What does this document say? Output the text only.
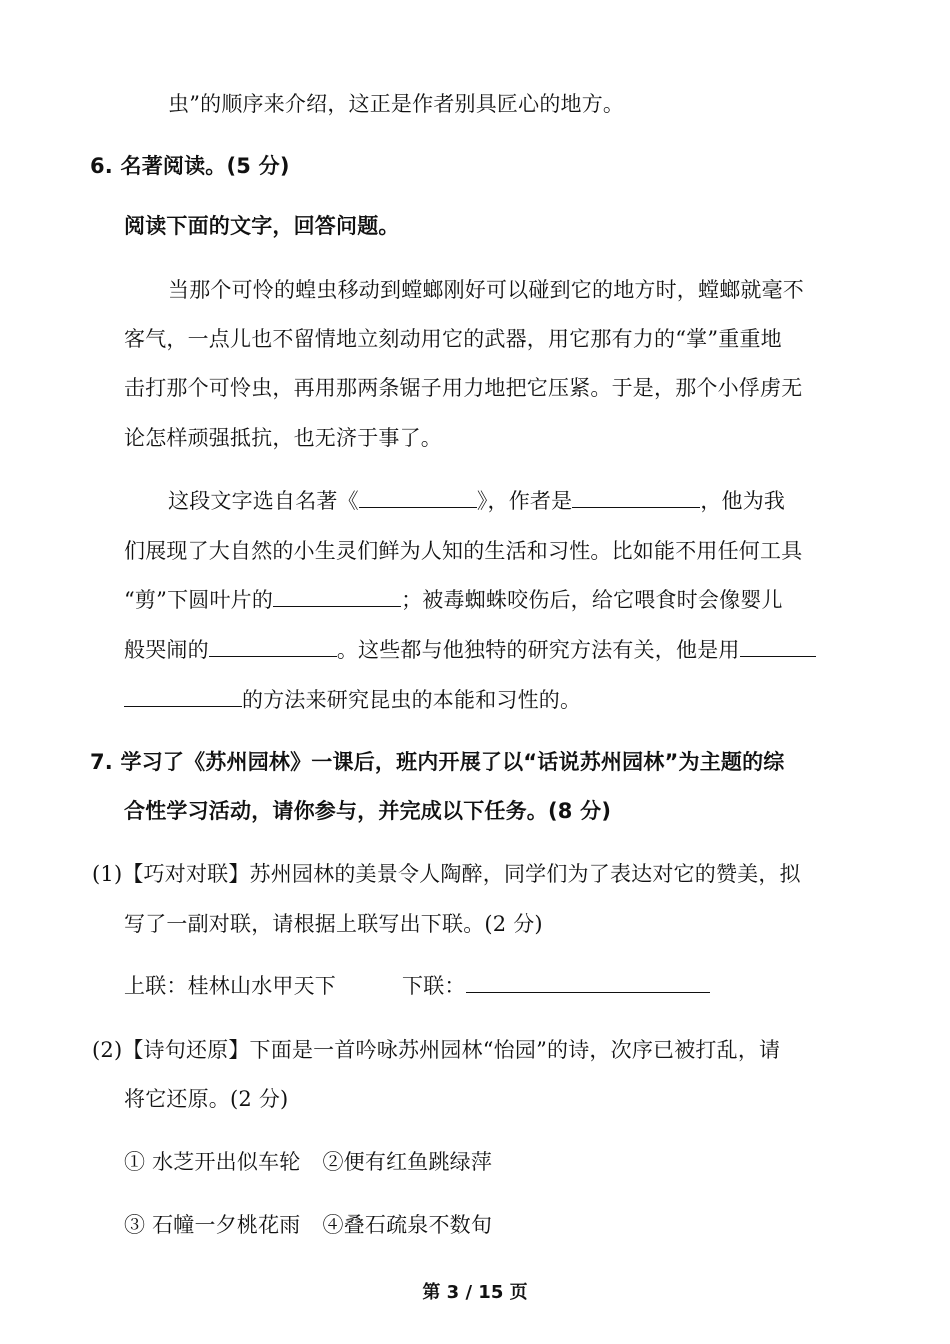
虫”的顺序来介绍，这正是作者别具匠心的地方。
6. 名著阅读。(5 分)
阅读下面的文字，回答问题。
当那个可怜的蝗虫移动到螳螂刚好可以碰到它的地方时，螳螂就毫不
客气，一点儿也不留情地立刻动用它的武器，用它那有力的“掌”重重地
击打那个可怜虫，再用那两条锯子用力地把它压紧。于是，那个小俘虏无
论怎样顽强抵抗，也无济于事了。
这段文字选自名著《	》，作者是	，他为我
们展现了大自然的小生灵们鲜为人知的生活和习性。比如能不用任何工具
“剪”下圆叶片的	；被毒蜘蛛咬伤后，给它喂食时会像婴儿
般哭闹的	。这些都与他独特的研究方法有关，他是用
的方法来研究昆虫的本能和习性的。
7. 学习了《苏州园林》一课后，班内开展了以“话说苏州园林”为主题的综
合性学习活动，请你参与，并完成以下任务。(8 分)
(1)【巧对对联】苏州园林的美景令人陶醉，同学们为了表达对它的赞美，拟
写了一副对联，请根据上联写出下联。(2 分)
上联：桂林山水甲天下	下联：
(2)【诗句还原】下面是一首吟咏苏州园林“怡园”的诗，次序已被打乱，请
将它还原。(2 分)
① 水芝开出似车轮 ②便有红鱼跳绿萍
③ 石幢一夕桃花雨 ④叠石疏泉不数旬
第 3 / 15 页
